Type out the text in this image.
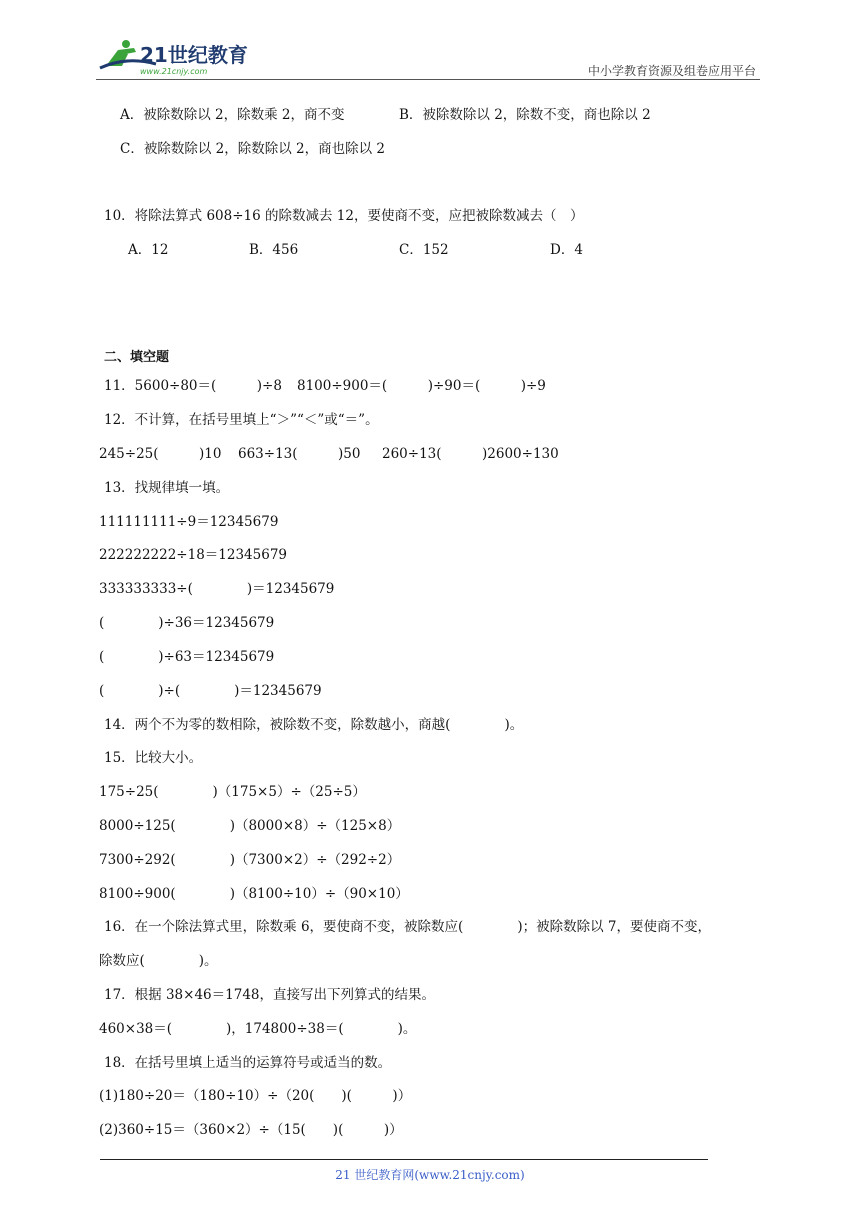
21世纪教育
www.21cnjy.com	中小学教育资源及组卷应用平台
A．被除数除以 2，除数乘 2，商不变	B．被除数除以 2，除数不变，商也除以 2
C．被除数除以 2，除数除以 2，商也除以 2
10．将除法算式 608÷16 的除数减去 12，要使商不变，应把被除数减去（　）
A．12	B．456	C．152	D．4
二、填空题
11．5600÷80＝(　　　)÷8 8100÷900＝(　　　)÷90＝(　　　)÷9
12．不计算，在括号里填上“＞”“＜”或“＝”。
245÷25(　　　)10 663÷13(　　　)50 260÷13(　　　)2600÷130
13．找规律填一填。
111111111÷9＝12345679
222222222÷18＝12345679
333333333÷(　　　　)＝12345679
(　　　　)÷36＝12345679
(　　　　)÷63＝12345679
(　　　　)÷(　　　　)＝12345679
14．两个不为零的数相除，被除数不变，除数越小，商越(　　　　)。
15．比较大小。
175÷25(　　　　)（175×5）÷（25÷5）
8000÷125(　　　　)（8000×8）÷（125×8）
7300÷292(　　　　)（7300×2）÷（292÷2）
8100÷900(　　　　)（8100÷10）÷（90×10）
16．在一个除法算式里，除数乘 6，要使商不变，被除数应(　　　　)；被除数除以 7，要使商不变，
除数应(　　　　)。
17．根据 38×46＝1748，直接写出下列算式的结果。
460×38＝(　　　　)，174800÷38＝(　　　　)。
18．在括号里填上适当的运算符号或适当的数。
(1)180÷20＝（180÷10）÷（20(　　)(　　　)）
(2)360÷15＝（360×2）÷（15(　　)(　　　)）
21 世纪教育网(www.21cnjy.com)
